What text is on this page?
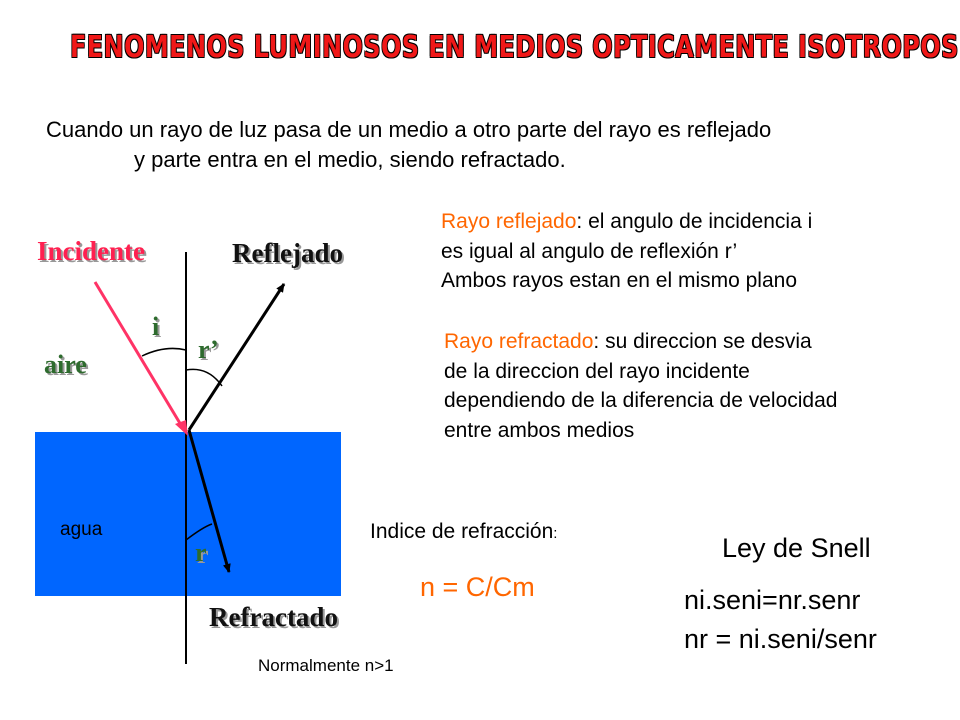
FENOMENOS LUMINOSOS EN MEDIOS OPTICAMENTE ISOTROPOS
Cuando un rayo de luz pasa de un medio a otro parte del rayo es reflejado
y parte entra en el medio, siendo refractado.
Incidente	Reflejado
Refractado
i
r’
r
aire
agua
Rayo reflejado: el angulo de incidencia i
es igual al angulo de reflexión r’
Ambos rayos estan en el mismo plano
Rayo refractado: su direccion se desvia
de la direccion del rayo incidente
dependiendo de la diferencia de velocidad
entre ambos medios
Indice de refracción:
n = C/Cm
Normalmente n>1
Ley de Snell
ni.seni=nr.senr
nr = ni.seni/senr
